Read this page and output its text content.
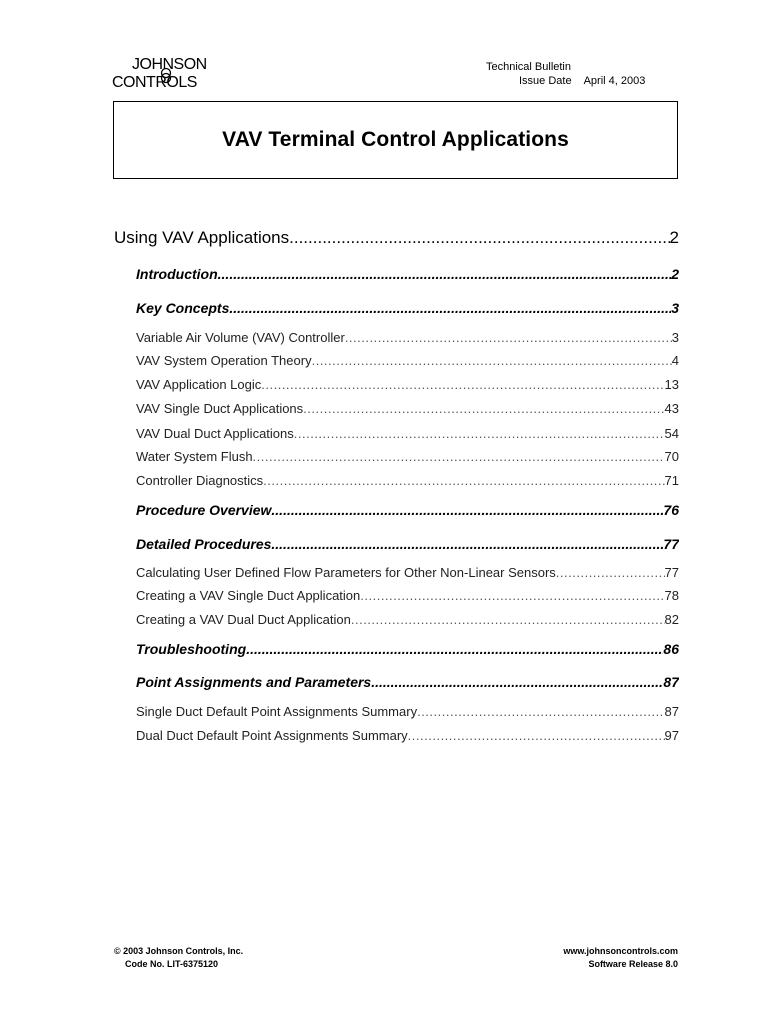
JOHNSON
CONTROLS
Technical Bulletin
Issue Date April 4, 2003
VAV Terminal Control Applications
Using VAV Applications .....	2
Introduction .....	2
Key Concepts .....	3
Variable Air Volume (VAV) Controller .....	3
VAV System Operation Theory .....	4
VAV Application Logic .....	13
VAV Single Duct Applications .....	43
VAV Dual Duct Applications .....	54
Water System Flush .....	70
Controller Diagnostics .....	71
Procedure Overview .....	76
Detailed Procedures .....	77
Calculating User Defined Flow Parameters for Other Non-Linear Sensors .....	77
Creating a VAV Single Duct Application .....	78
Creating a VAV Dual Duct Application .....	82
Troubleshooting .....	86
Point Assignments and Parameters .....	87
Single Duct Default Point Assignments Summary .....	87
Dual Duct Default Point Assignments Summary .....	97
© 2003 Johnson Controls, Inc.
Code No. LIT-6375120
www.johnsoncontrols.com
Software Release 8.0
